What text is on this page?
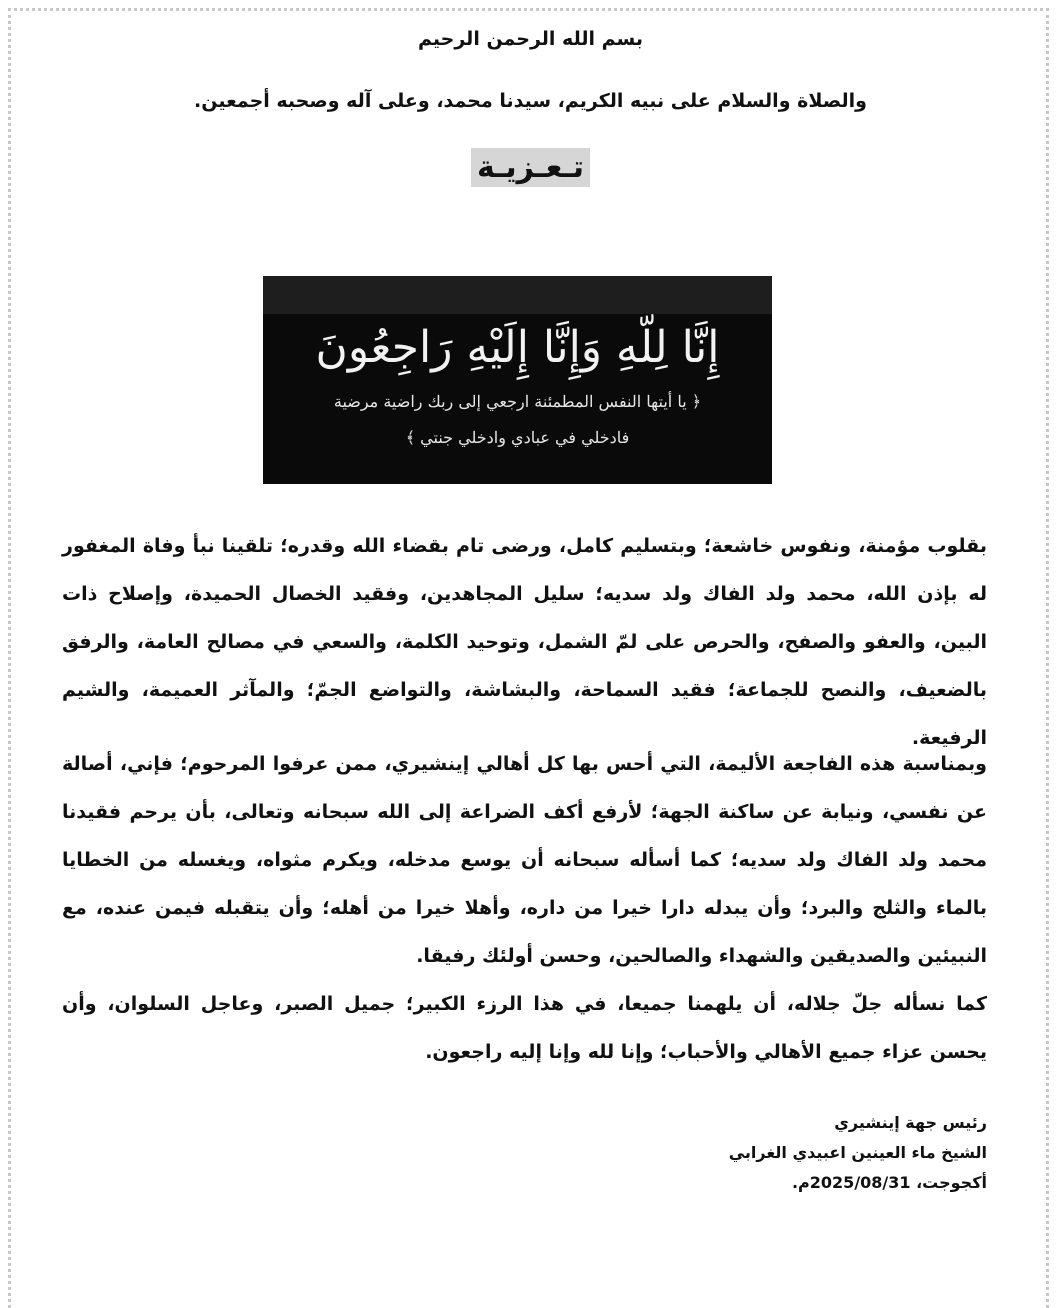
بسم الله الرحمن الرحيم
والصلاة والسلام على نبيه الكريم، سيدنا محمد، وعلى آله وصحبه أجمعين.
تـعـزيـة
إِنَّا لِلَّهِ وَإِنَّا إِلَيْهِ رَاجِعُونَ
﴿ يا أيتها النفس المطمئنة ارجعي إلى ربك راضية مرضية
فادخلي في عبادي وادخلي جنتي ﴾
بقلوب مؤمنة، ونفوس خاشعة؛ وبتسليم كامل، ورضى تام بقضاء الله وقدره؛ تلقينا نبأ وفاة المغفور له بإذن الله، محمد ولد الفاك ولد سديه؛ سليل المجاهدين، وفقيد الخصال الحميدة، وإصلاح ذات البين، والعفو والصفح، والحرص على لمّ الشمل، وتوحيد الكلمة، والسعي في مصالح العامة، والرفق بالضعيف، والنصح للجماعة؛ فقيد السماحة، والبشاشة، والتواضع الجمّ؛ والمآثر العميمة، والشيم الرفيعة.
وبمناسبة هذه الفاجعة الأليمة، التي أحس بها كل أهالي إينشيري، ممن عرفوا المرحوم؛ فإني، أصالة عن نفسي، ونيابة عن ساكنة الجهة؛ لأرفع أكف الضراعة إلى الله سبحانه وتعالى، بأن يرحم فقيدنا محمد ولد الفاك ولد سديه؛ كما أسأله سبحانه أن يوسع مدخله، ويكرم مثواه، ويغسله من الخطايا بالماء والثلج والبرد؛ وأن يبدله دارا خيرا من داره، وأهلا خيرا من أهله؛ وأن يتقبله فيمن عنده، مع النبيئين والصديقين والشهداء والصالحين، وحسن أولئك رفيقا.
كما نسأله جلّ جلاله، أن يلهمنا جميعا، في هذا الرزء الكبير؛ جميل الصبر، وعاجل السلوان، وأن يحسن عزاء جميع الأهالي والأحباب؛ وإنا لله وإنا إليه راجعون.
رئيس جهة إينشيري
الشيخ ماء العينين اعبيدي الغرابي
أكجوجت، 2025/08/31م.
